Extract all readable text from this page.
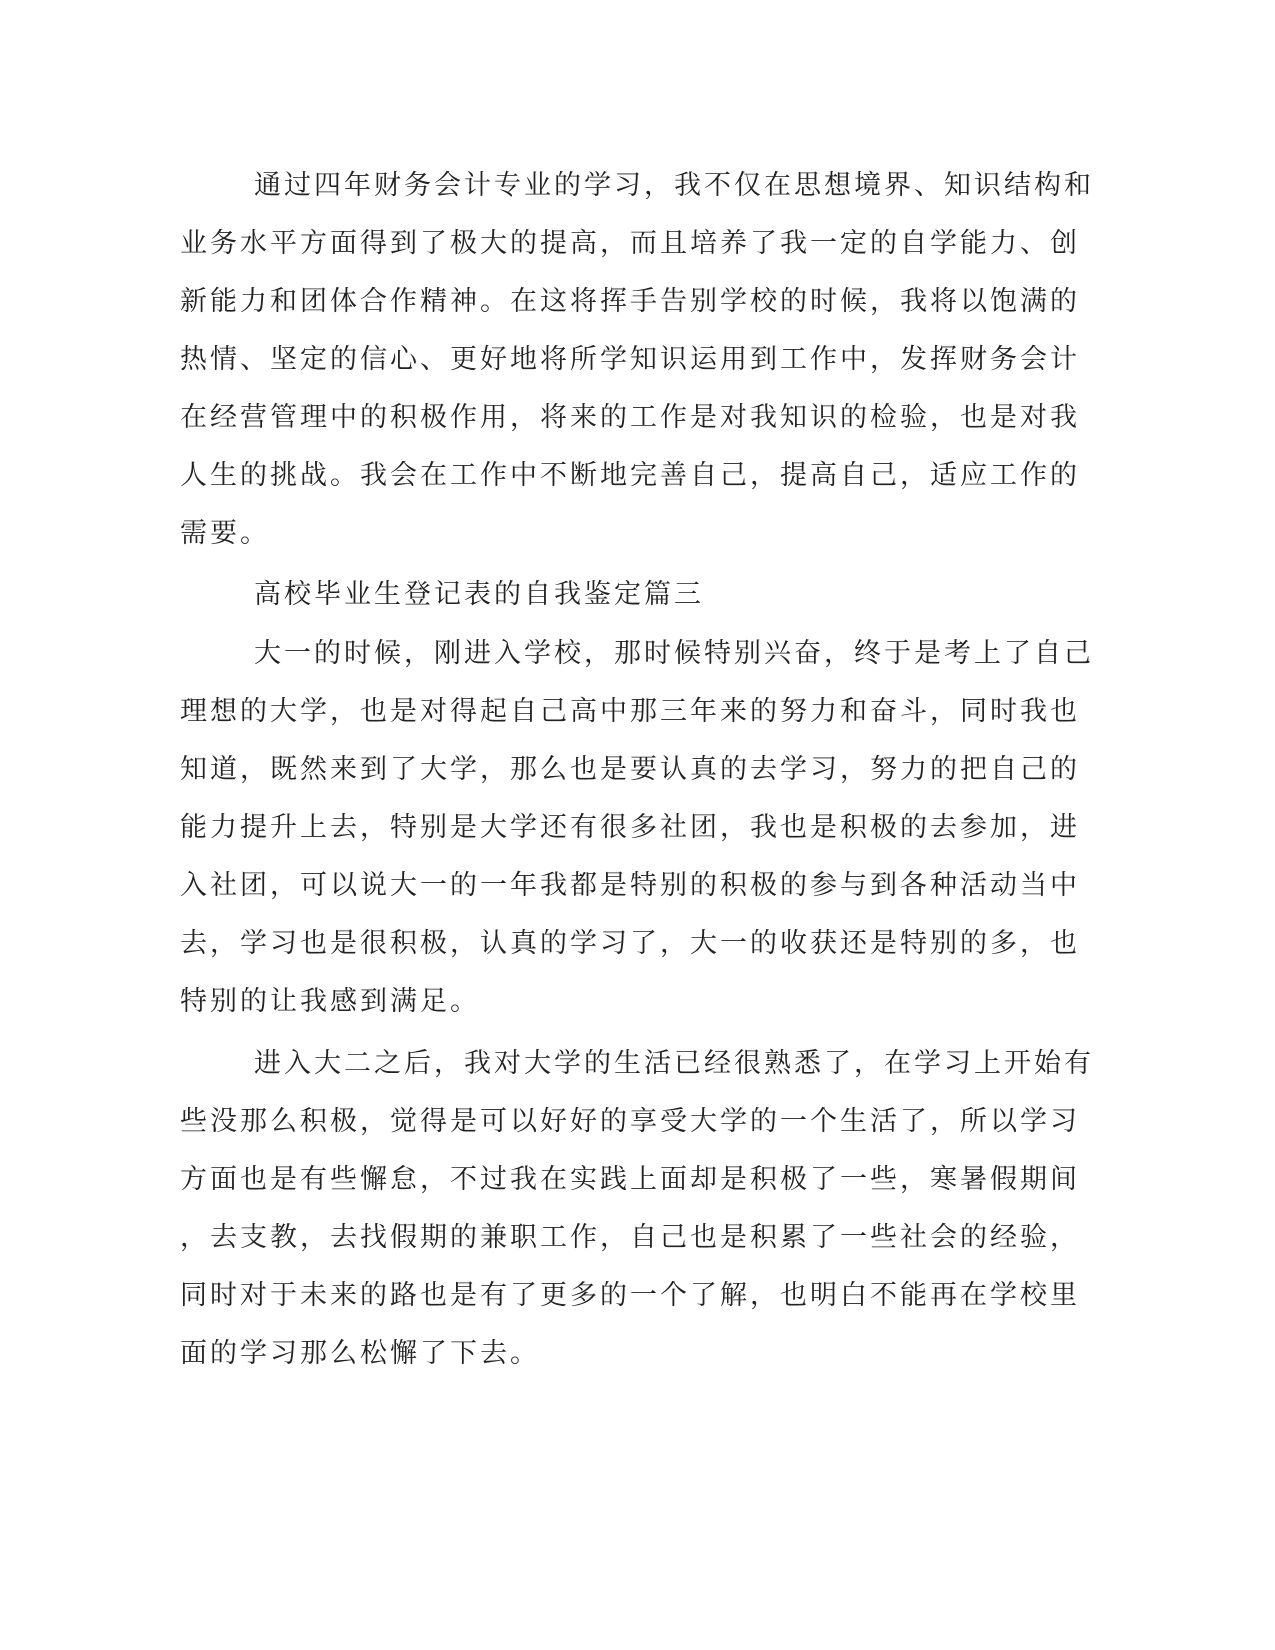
通过四年财务会计专业的学习，我不仅在思想境界、知识结构和
业务水平方面得到了极大的提高，而且培养了我一定的自学能力、创
新能力和团体合作精神。在这将挥手告别学校的时候，我将以饱满的
热情、坚定的信心、更好地将所学知识运用到工作中，发挥财务会计
在经营管理中的积极作用，将来的工作是对我知识的检验，也是对我
人生的挑战。我会在工作中不断地完善自己，提高自己，适应工作的
需要。
高校毕业生登记表的自我鉴定篇三
大一的时候，刚进入学校，那时候特别兴奋，终于是考上了自己
理想的大学，也是对得起自己高中那三年来的努力和奋斗，同时我也
知道，既然来到了大学，那么也是要认真的去学习，努力的把自己的
能力提升上去，特别是大学还有很多社团，我也是积极的去参加，进
入社团，可以说大一的一年我都是特别的积极的参与到各种活动当中
去，学习也是很积极，认真的学习了，大一的收获还是特别的多，也
特别的让我感到满足。
进入大二之后，我对大学的生活已经很熟悉了，在学习上开始有
些没那么积极，觉得是可以好好的享受大学的一个生活了，所以学习
方面也是有些懈怠，不过我在实践上面却是积极了一些，寒暑假期间
，去支教，去找假期的兼职工作，自己也是积累了一些社会的经验，
同时对于未来的路也是有了更多的一个了解，也明白不能再在学校里
面的学习那么松懈了下去。
